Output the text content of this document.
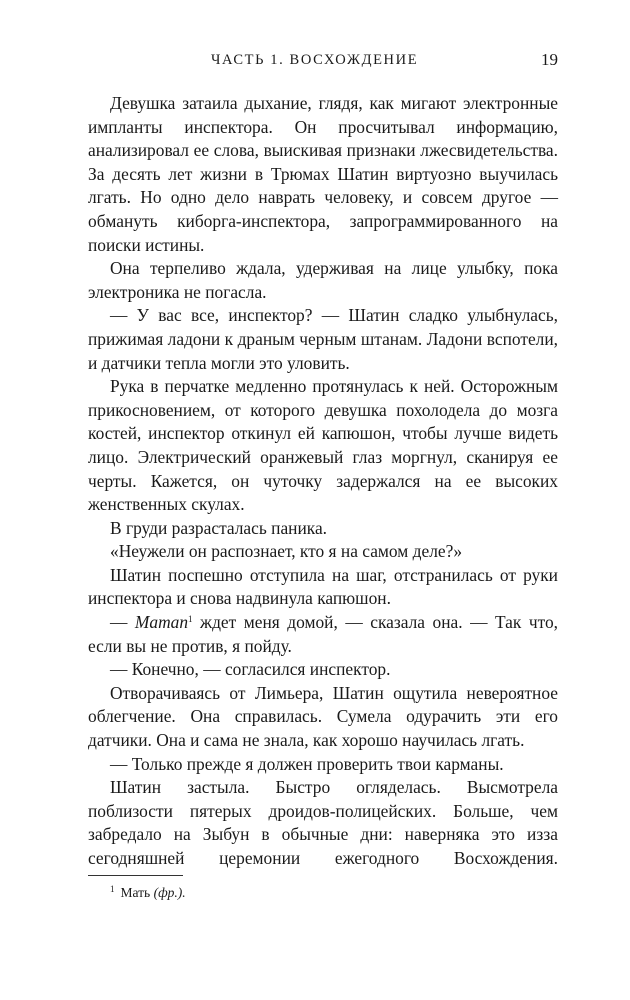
ЧАСТЬ 1. ВОСХОЖДЕНИЕ	19

Девушка затаила дыхание, глядя, как мигают электронные импланты инспектора. Он просчитывал информацию, анализировал ее слова, выискивая признаки лжесвидетельства. За десять лет жизни в Трюмах Шатин виртуозно выучилась лгать. Но одно дело наврать человеку, и совсем другое — обмануть киборга-инспектора, запрограммированного на поиски истины.

Она терпеливо ждала, удерживая на лице улыбку, пока электроника не погасла.

— У вас все, инспектор? — Шатин сладко улыбнулась, прижимая ладони к драным черным штанам. Ладони вспотели, и датчики тепла могли это уловить.

Рука в перчатке медленно протянулась к ней. Осторожным прикосновением, от которого девушка похолодела до мозга костей, инспектор откинул ей капюшон, чтобы лучше видеть лицо. Электрический оранжевый глаз моргнул, сканируя ее черты. Кажется, он чуточку задержался на ее высоких женственных скулах.

В груди разрасталась паника.

«Неужели он распознает, кто я на самом деле?»

Шатин поспешно отступила на шаг, отстранилась от руки инспектора и снова надвинула капюшон.

— Maman$^1$ ждет меня домой, — сказала она. — Так что, если вы не против, я пойду.

— Конечно, — согласился инспектор.

Отворачиваясь от Лимьера, Шатин ощутила невероятное облегчение. Она справилась. Сумела одурачить эти его датчики. Она и сама не знала, как хорошо научилась лгать.

— Только прежде я должен проверить твои карманы.

Шатин застыла. Быстро огляделась. Высмотрела поблизости пятерых дроидов-полицейских. Больше, чем забредало на Зыбун в обычные дни: наверняка это изза сегодняшней церемонии ежегодного Восхождения.

$^1$ Мать (фр.).
